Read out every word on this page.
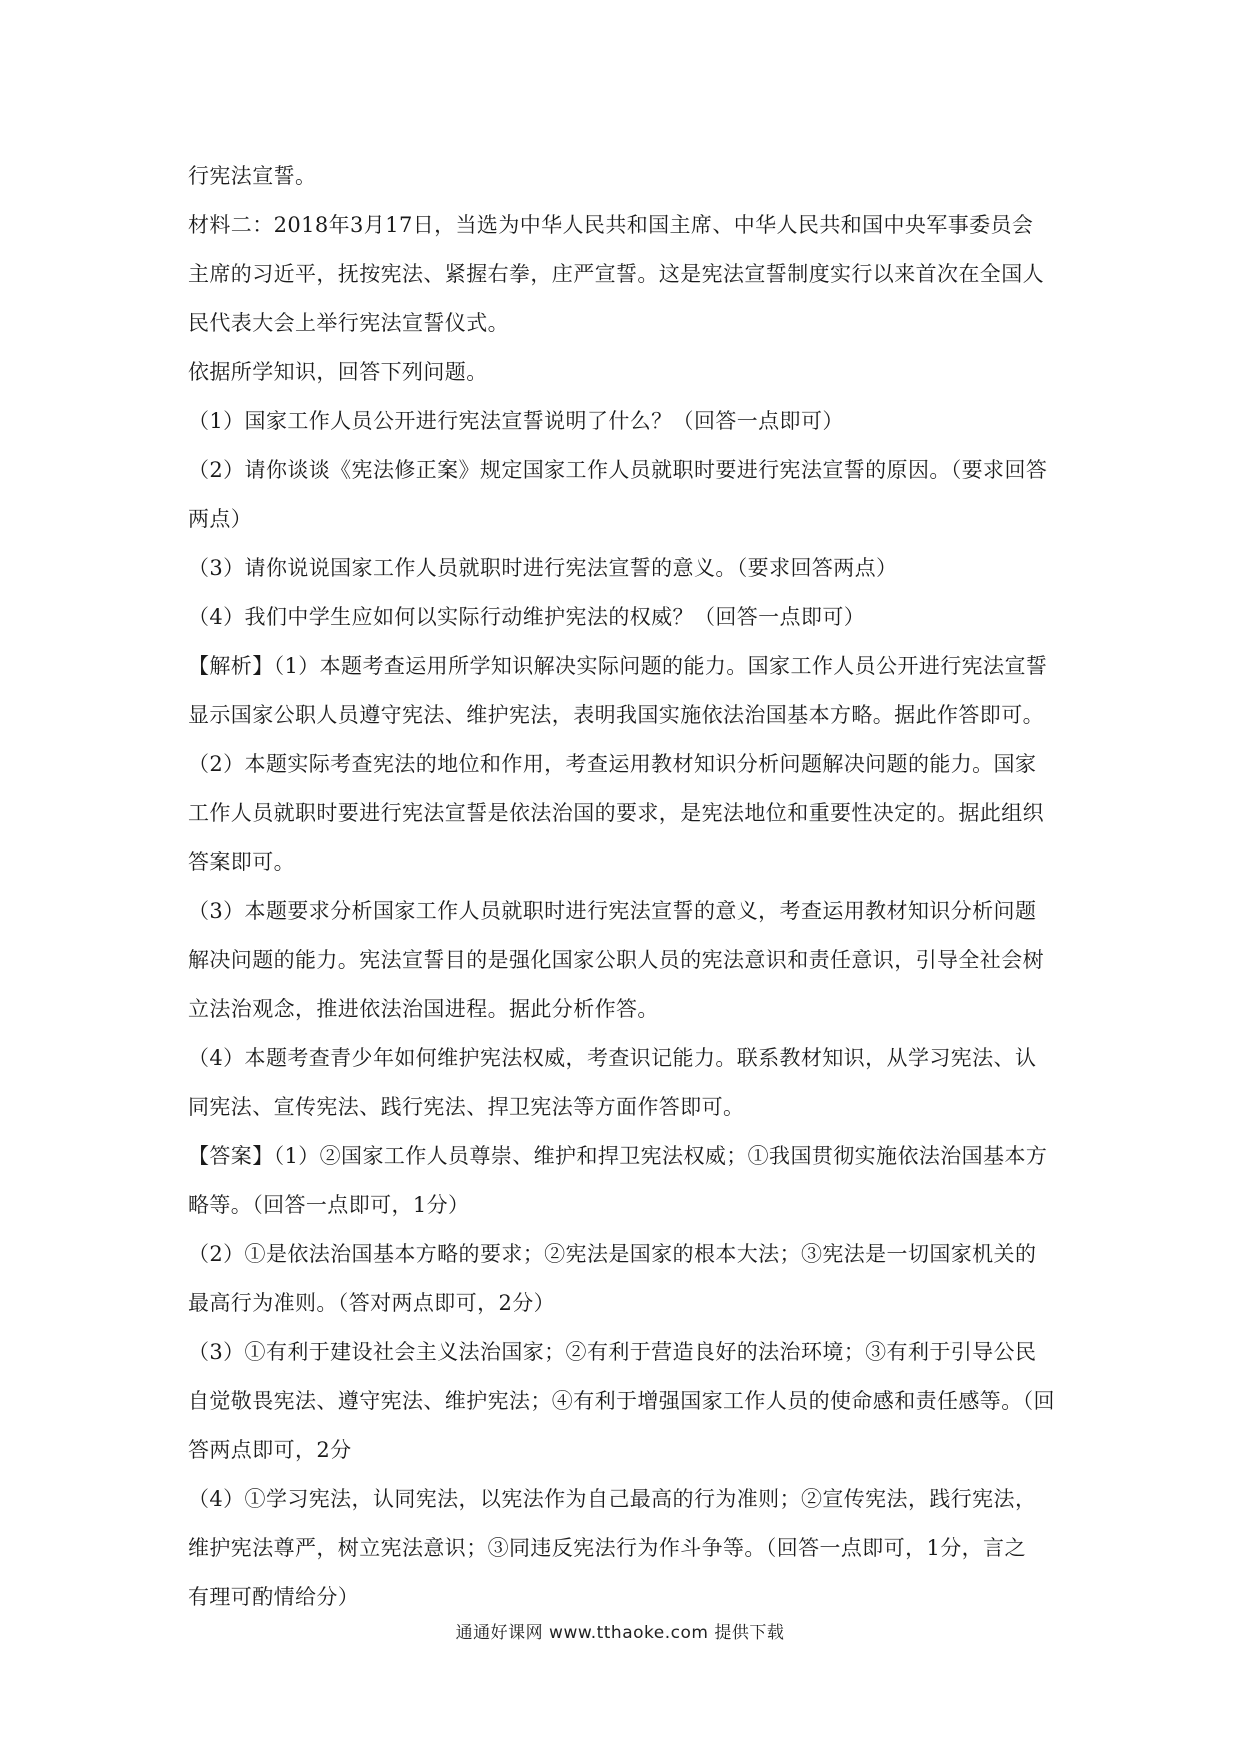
行宪法宣誓。
材料二：2018年3月17日，当选为中华人民共和国主席、中华人民共和国中央军事委员会
主席的习近平，抚按宪法、紧握右拳，庄严宣誓。这是宪法宣誓制度实行以来首次在全国人
民代表大会上举行宪法宣誓仪式。
依据所学知识，回答下列问题。
（1）国家工作人员公开进行宪法宣誓说明了什么？（回答一点即可）
（2）请你谈谈《宪法修正案》规定国家工作人员就职时要进行宪法宣誓的原因。（要求回答
两点）
（3）请你说说国家工作人员就职时进行宪法宣誓的意义。（要求回答两点）
（4）我们中学生应如何以实际行动维护宪法的权威？（回答一点即可）
【解析】（1）本题考查运用所学知识解决实际问题的能力。国家工作人员公开进行宪法宣誓
显示国家公职人员遵守宪法、维护宪法，表明我国实施依法治国基本方略。据此作答即可。
（2）本题实际考查宪法的地位和作用，考查运用教材知识分析问题解决问题的能力。国家
工作人员就职时要进行宪法宣誓是依法治国的要求，是宪法地位和重要性决定的。据此组织
答案即可。
（3）本题要求分析国家工作人员就职时进行宪法宣誓的意义，考查运用教材知识分析问题
解决问题的能力。宪法宣誓目的是强化国家公职人员的宪法意识和责任意识，引导全社会树
立法治观念，推进依法治国进程。据此分析作答。
（4）本题考查青少年如何维护宪法权威，考查识记能力。联系教材知识，从学习宪法、认
同宪法、宣传宪法、践行宪法、捍卫宪法等方面作答即可。
【答案】（1）②国家工作人员尊崇、维护和捍卫宪法权威；①我国贯彻实施依法治国基本方
略等。（回答一点即可，1分）
（2）①是依法治国基本方略的要求；②宪法是国家的根本大法；③宪法是一切国家机关的
最高行为准则。（答对两点即可，2分）
（3）①有利于建设社会主义法治国家；②有利于营造良好的法治环境；③有利于引导公民
自觉敬畏宪法、遵守宪法、维护宪法；④有利于增强国家工作人员的使命感和责任感等。（回
答两点即可，2分
（4）①学习宪法，认同宪法，以宪法作为自己最高的行为准则；②宣传宪法，践行宪法，
维护宪法尊严，树立宪法意识；③同违反宪法行为作斗争等。（回答一点即可，1分，言之
有理可酌情给分）
通通好课网 www.tthaoke.com 提供下载
